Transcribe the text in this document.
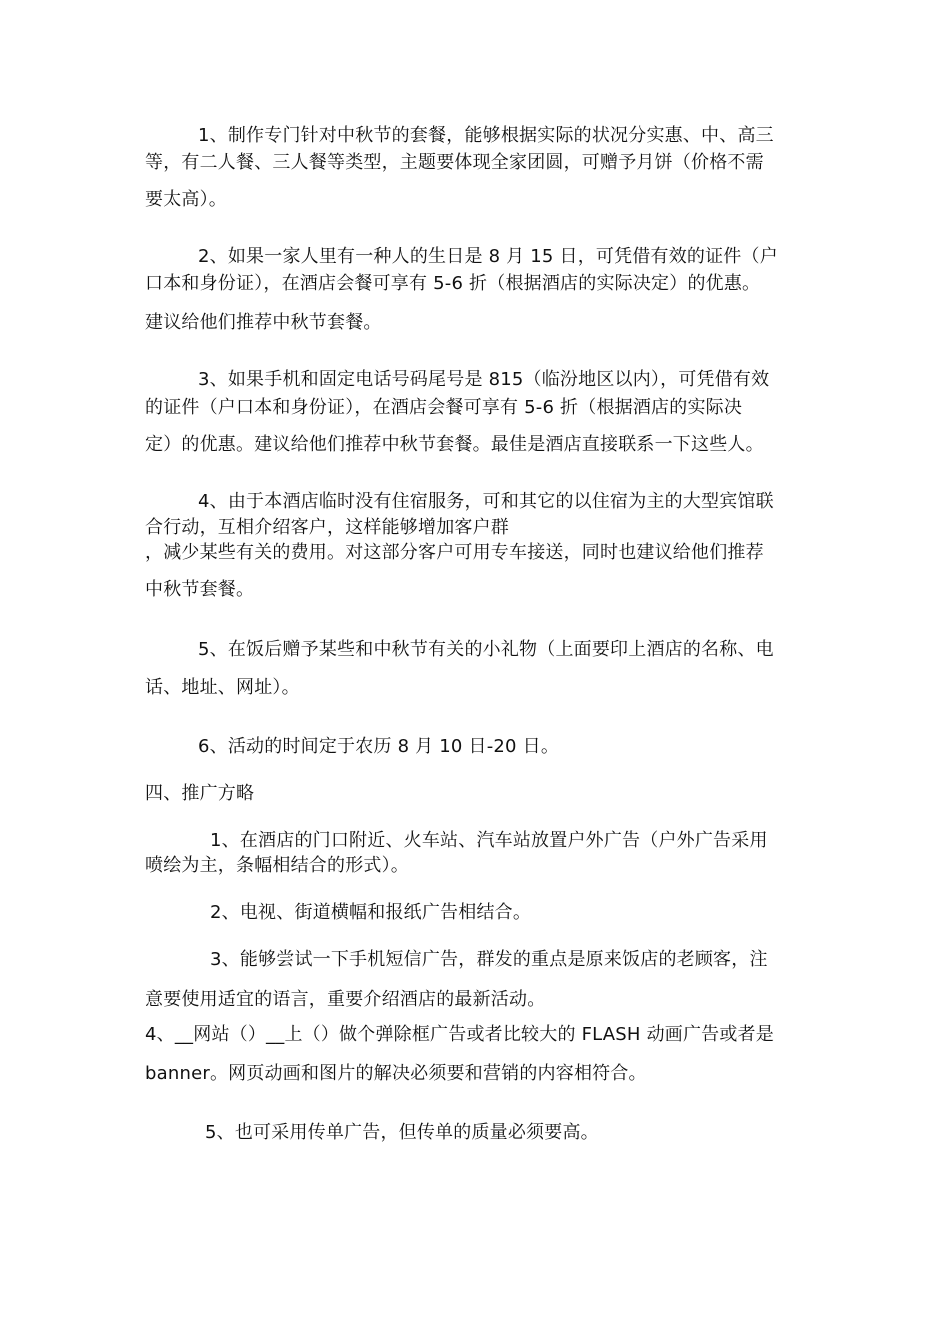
1、制作专门针对中秋节的套餐，能够根据实际的状况分实惠、中、高三
等，有二人餐、三人餐等类型，主题要体现全家团圆，可赠予月饼（价格不需
要太高）。
2、如果一家人里有一种人的生日是 8 月 15 日，可凭借有效的证件（户
口本和身份证），在酒店会餐可享有 5-6 折（根据酒店的实际决定）的优惠。
建议给他们推荐中秋节套餐。
3、如果手机和固定电话号码尾号是 815（临汾地区以内），可凭借有效
的证件（户口本和身份证），在酒店会餐可享有 5-6 折（根据酒店的实际决
定）的优惠。建议给他们推荐中秋节套餐。最佳是酒店直接联系一下这些人。
4、由于本酒店临时没有住宿服务，可和其它的以住宿为主的大型宾馆联
合行动，互相介绍客户，这样能够增加客户群
，减少某些有关的费用。对这部分客户可用专车接送，同时也建议给他们推荐
中秋节套餐。
5、在饭后赠予某些和中秋节有关的小礼物（上面要印上酒店的名称、电
话、地址、网址）。
6、活动的时间定于农历 8 月 10 日-20 日。
四、推广方略
1、在酒店的门口附近、火车站、汽车站放置户外广告（户外广告采用
喷绘为主，条幅相结合的形式）。
2、电视、街道横幅和报纸广告相结合。
3、能够尝试一下手机短信广告，群发的重点是原来饭店的老顾客，注
意要使用适宜的语言，重要介绍酒店的最新活动。
4、__网站（）__上（）做个弹除框广告或者比较大的 FLASH 动画广告或者是
banner。网页动画和图片的解决必须要和营销的内容相符合。
5、也可采用传单广告，但传单的质量必须要高。
